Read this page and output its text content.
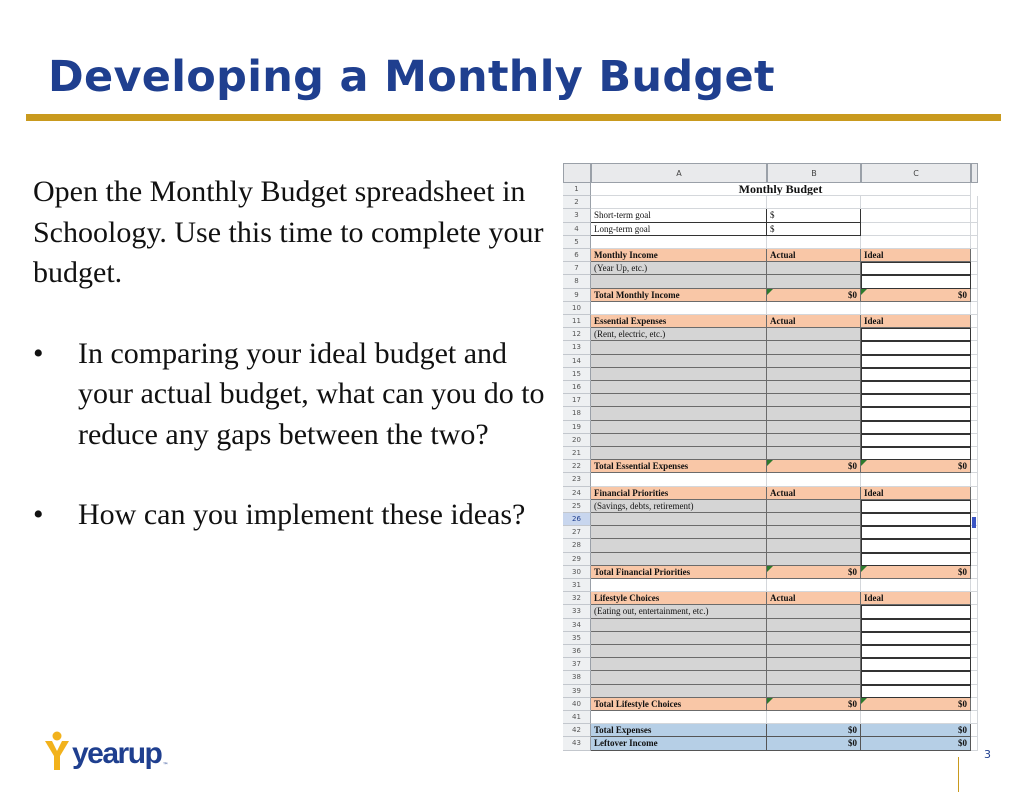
Developing a Monthly Budget
Open the Monthly Budget spreadsheet in Schoology. Use this time to complete your budget.
• In comparing your ideal budget and your actual budget, what can you do to reduce any gaps between the two?
• How can you implement these ideas?
A	B	C
1	Monthly Budget
2
3	Short-term goal	$
4	Long-term goal	$
5
6	Monthly Income	Actual	Ideal
7	(Year Up, etc.)
8
9	Total Monthly Income	$0	$0
10
11	Essential Expenses	Actual	Ideal
12	(Rent, electric, etc.)
13
14
15
16
17
18
19
20
21
22	Total Essential Expenses	$0	$0
23
24	Financial Priorities	Actual	Ideal
25	(Savings, debts, retirement)
26
27
28
29
30	Total Financial Priorities	$0	$0
31
32	Lifestyle Choices	Actual	Ideal
33	(Eating out, entertainment, etc.)
34
35
36
37
38
39
40	Total Lifestyle Choices	$0	$0
41
42	Total Expenses	$0	$0
43	Leftover Income	$0	$0
yearup ™
3
